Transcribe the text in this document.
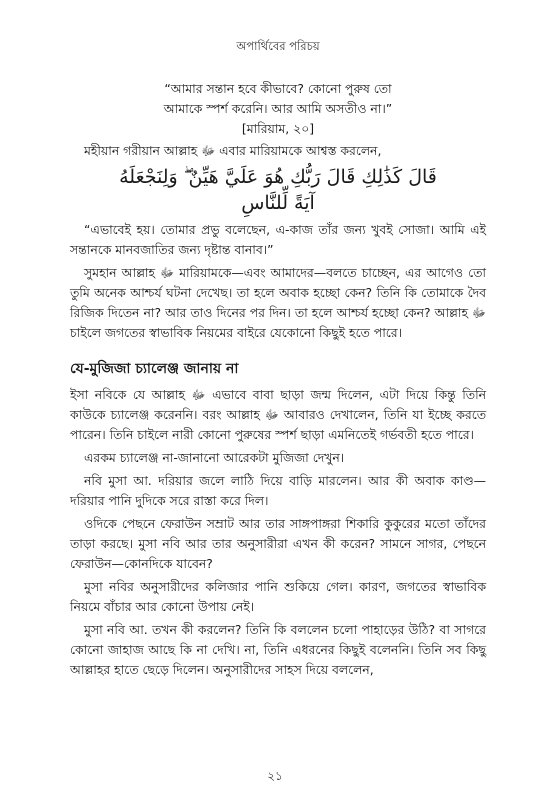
অপার্থিবের পরিচয়
“আমার সন্তান হবে কীভাবে? কোনো পুরুষ তো
আমাকে স্পর্শ করেনি। আর আমি অসতীও না।”
[মারিয়াম, ২০]

মহীয়ান গরীয়ান আল্লাহ ﷻ এবার মারিয়ামকে আশ্বস্ত করলেন,

قَالَ كَذَٰلِكِ قَالَ رَبُّكِ هُوَ عَلَيَّ هَيِّنٌ ۖ وَلِنَجْعَلَهُ
آيَةً لِّلنَّاسِ

“এভাবেই হয়। তোমার প্রভু বলেছেন, এ-কাজ তাঁর জন্য খুবই সোজা। আমি এই সন্তানকে মানবজাতির জন্য দৃষ্টান্ত বানাব।”

সুমহান আল্লাহ ﷻ মারিয়ামকে—এবং আমাদের—বলতে চাচ্ছেন, এর আগেও তো তুমি অনেক আশ্চর্য ঘটনা দেখেছ। তা হলে অবাক হচ্ছো কেন? তিনি কি তোমাকে দৈব রিজিক দিতেন না? আর তাও দিনের পর দিন। তা হলে আশ্চর্য হচ্ছো কেন? আল্লাহ ﷻ চাইলে জগতের স্বাভাবিক নিয়মের বাইরে যেকোনো কিছুই হতে পারে।

যে-মুজিজা চ্যালেঞ্জ জানায় না

ইসা নবিকে যে আল্লাহ ﷻ এভাবে বাবা ছাড়া জন্ম দিলেন, এটা দিয়ে কিন্তু তিনি কাউকে চ্যালেঞ্জ করেননি। বরং আল্লাহ ﷻ আবারও দেখালেন, তিনি যা ইচ্ছে করতে পারেন। তিনি চাইলে নারী কোনো পুরুষের স্পর্শ ছাড়া এমনিতেই গর্ভবতী হতে পারে।

এরকম চ্যালেঞ্জ না-জানানো আরেকটা মুজিজা দেখুন।

নবি মুসা আ. দরিয়ার জলে লাঠি দিয়ে বাড়ি মারলেন। আর কী অবাক কাণ্ড—দরিয়ার পানি দুদিকে সরে রাস্তা করে দিল।

ওদিকে পেছনে ফেরাউন সম্রাট আর তার সাঙ্গপাঙ্গরা শিকারি কুকুরের মতো তাঁদের তাড়া করছে। মুসা নবি আর তার অনুসারীরা এখন কী করেন? সামনে সাগর, পেছনে ফেরাউন—কোনদিকে যাবেন?

মুসা নবির অনুসারীদের কলিজার পানি শুকিয়ে গেল। কারণ, জগতের স্বাভাবিক নিয়মে বাঁচার আর কোনো উপায় নেই।

মুসা নবি আ. তখন কী করলেন? তিনি কি বললেন চলো পাহাড়ের উঠি? বা সাগরে কোনো জাহাজ আছে কি না দেখি। না, তিনি এধরনের কিছুই বলেননি। তিনি সব কিছু আল্লাহর হাতে ছেড়ে দিলেন। অনুসারীদের সাহস দিয়ে বললেন,

২১
